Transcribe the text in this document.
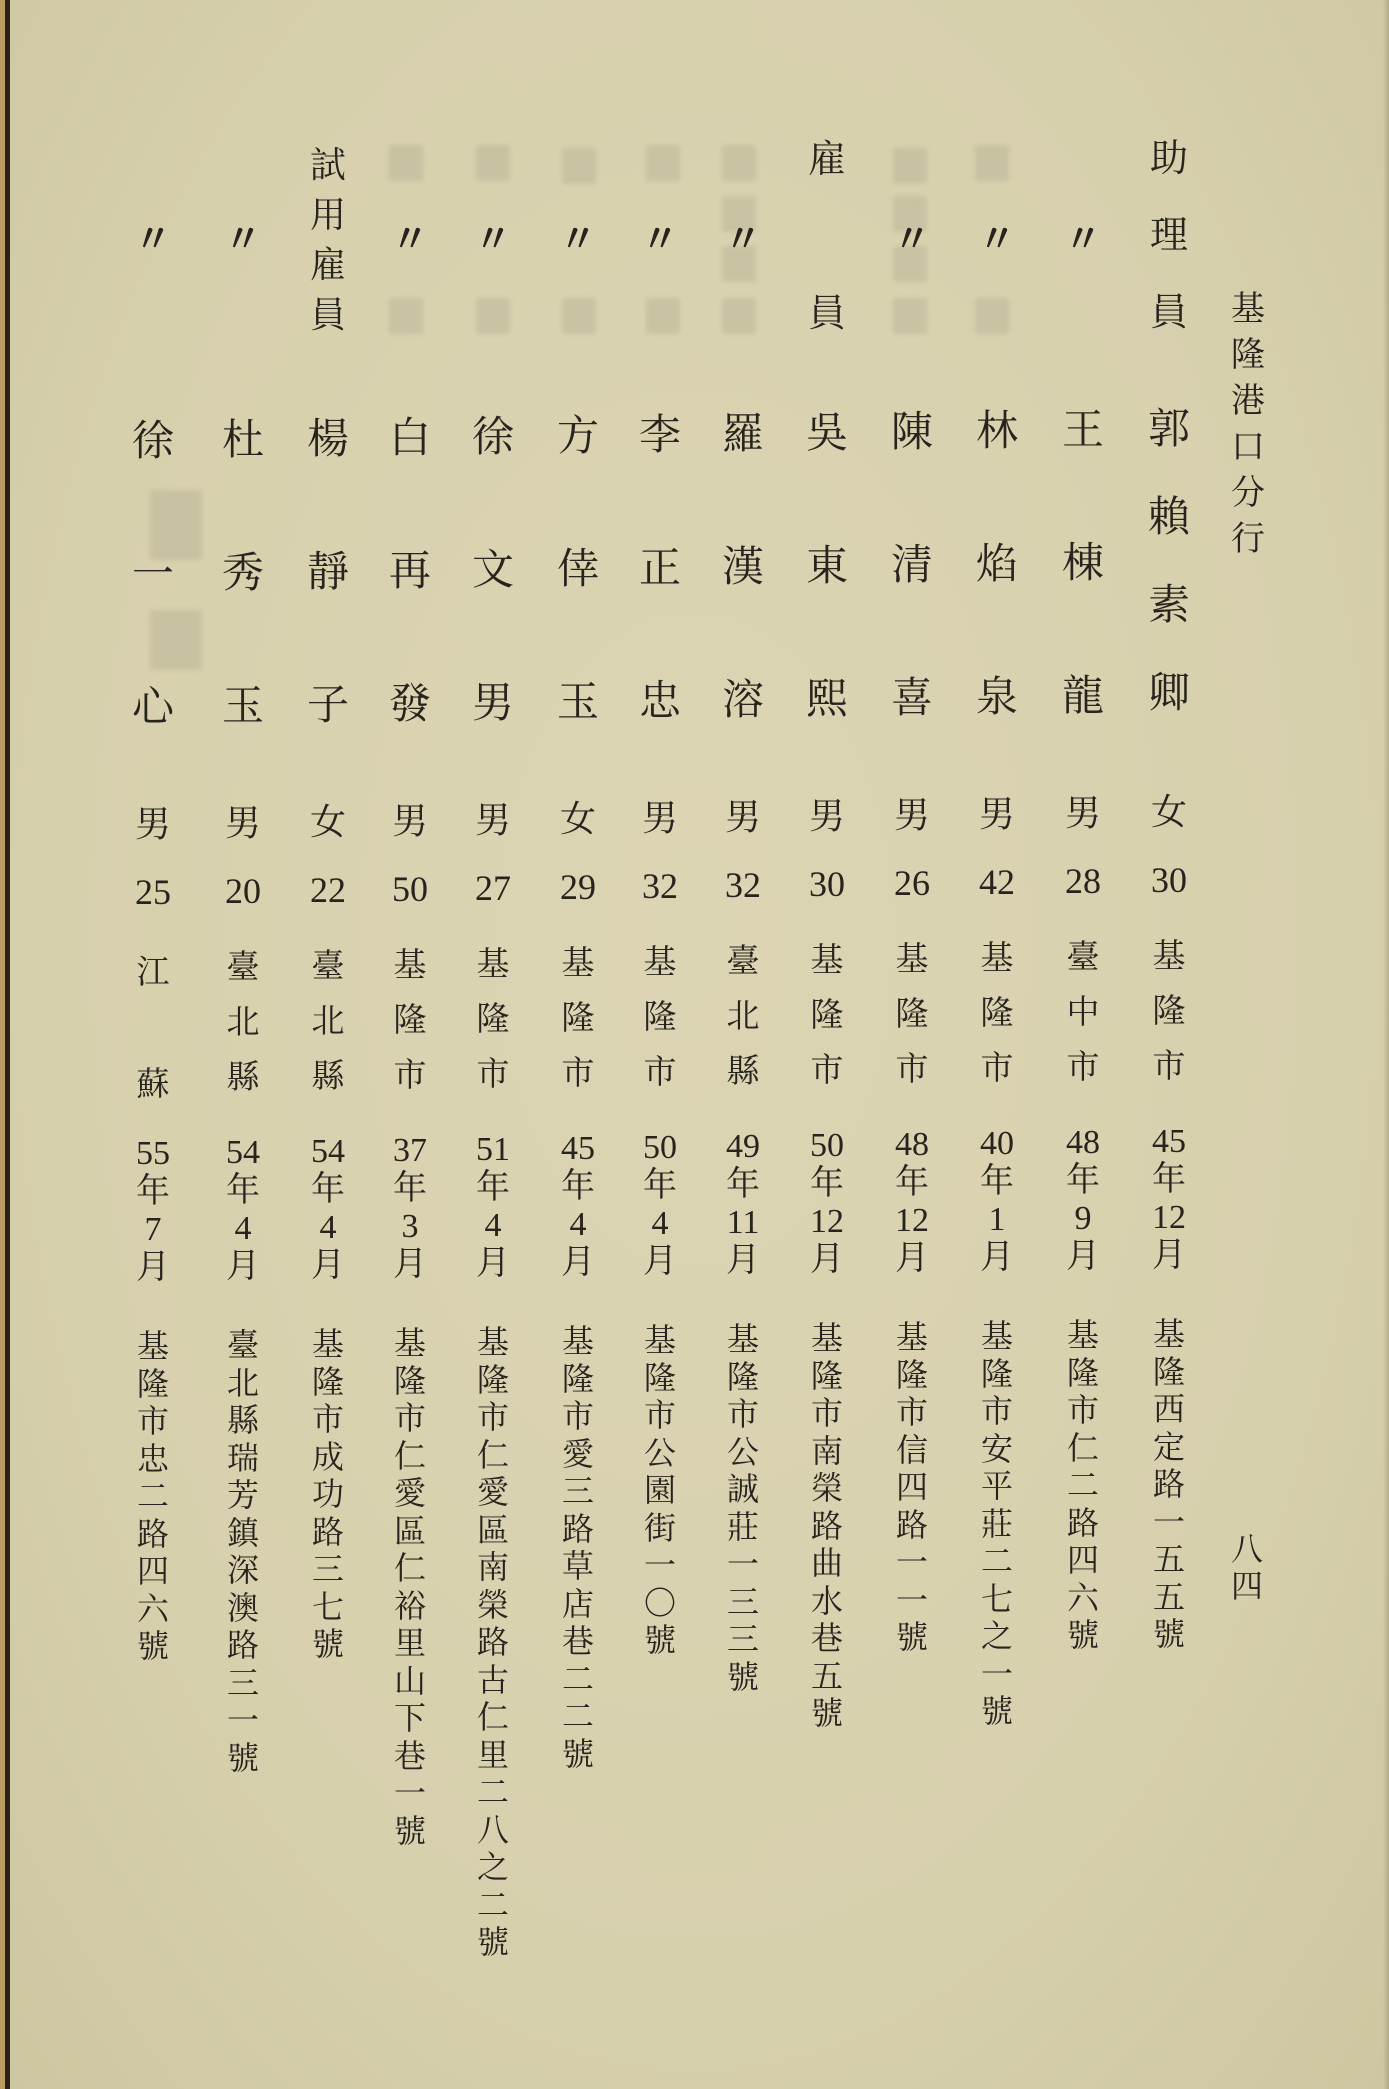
基隆港口分行
八四
助理員
郭賴素卿
女
30
基隆市
45年12月
基隆西定路一五五號
〃
王棟龍
男
28
臺中市
48年9月
基隆市仁二路四六號
〃
林焰泉
男
42
基隆市
40年1月
基隆市安平莊二七之一號
〃
陳清喜
男
26
基隆市
48年12月
基隆市信四路一一號
雇員
吳東熙
男
30
基隆市
50年12月
基隆市南榮路曲水巷五號
〃
羅漢溶
男
32
臺北縣
49年11月
基隆市公誠莊一三三號
〃
李正忠
男
32
基隆市
50年4月
基隆市公園街一〇號
〃
方倖玉
女
29
基隆市
45年4月
基隆市愛三路草店巷二二號
〃
徐文男
男
27
基隆市
51年4月
基隆市仁愛區南榮路古仁里二八之二號
〃
白再發
男
50
基隆市
37年3月
基隆市仁愛區仁裕里山下巷一號
試用雇員
楊靜子
女
22
臺北縣
54年4月
基隆市成功路三七號
〃
杜秀玉
男
20
臺北縣
54年4月
臺北縣瑞芳鎮深澳路三一號
〃
徐一心
男
25
江蘇
55年7月
基隆市忠二路四六號
